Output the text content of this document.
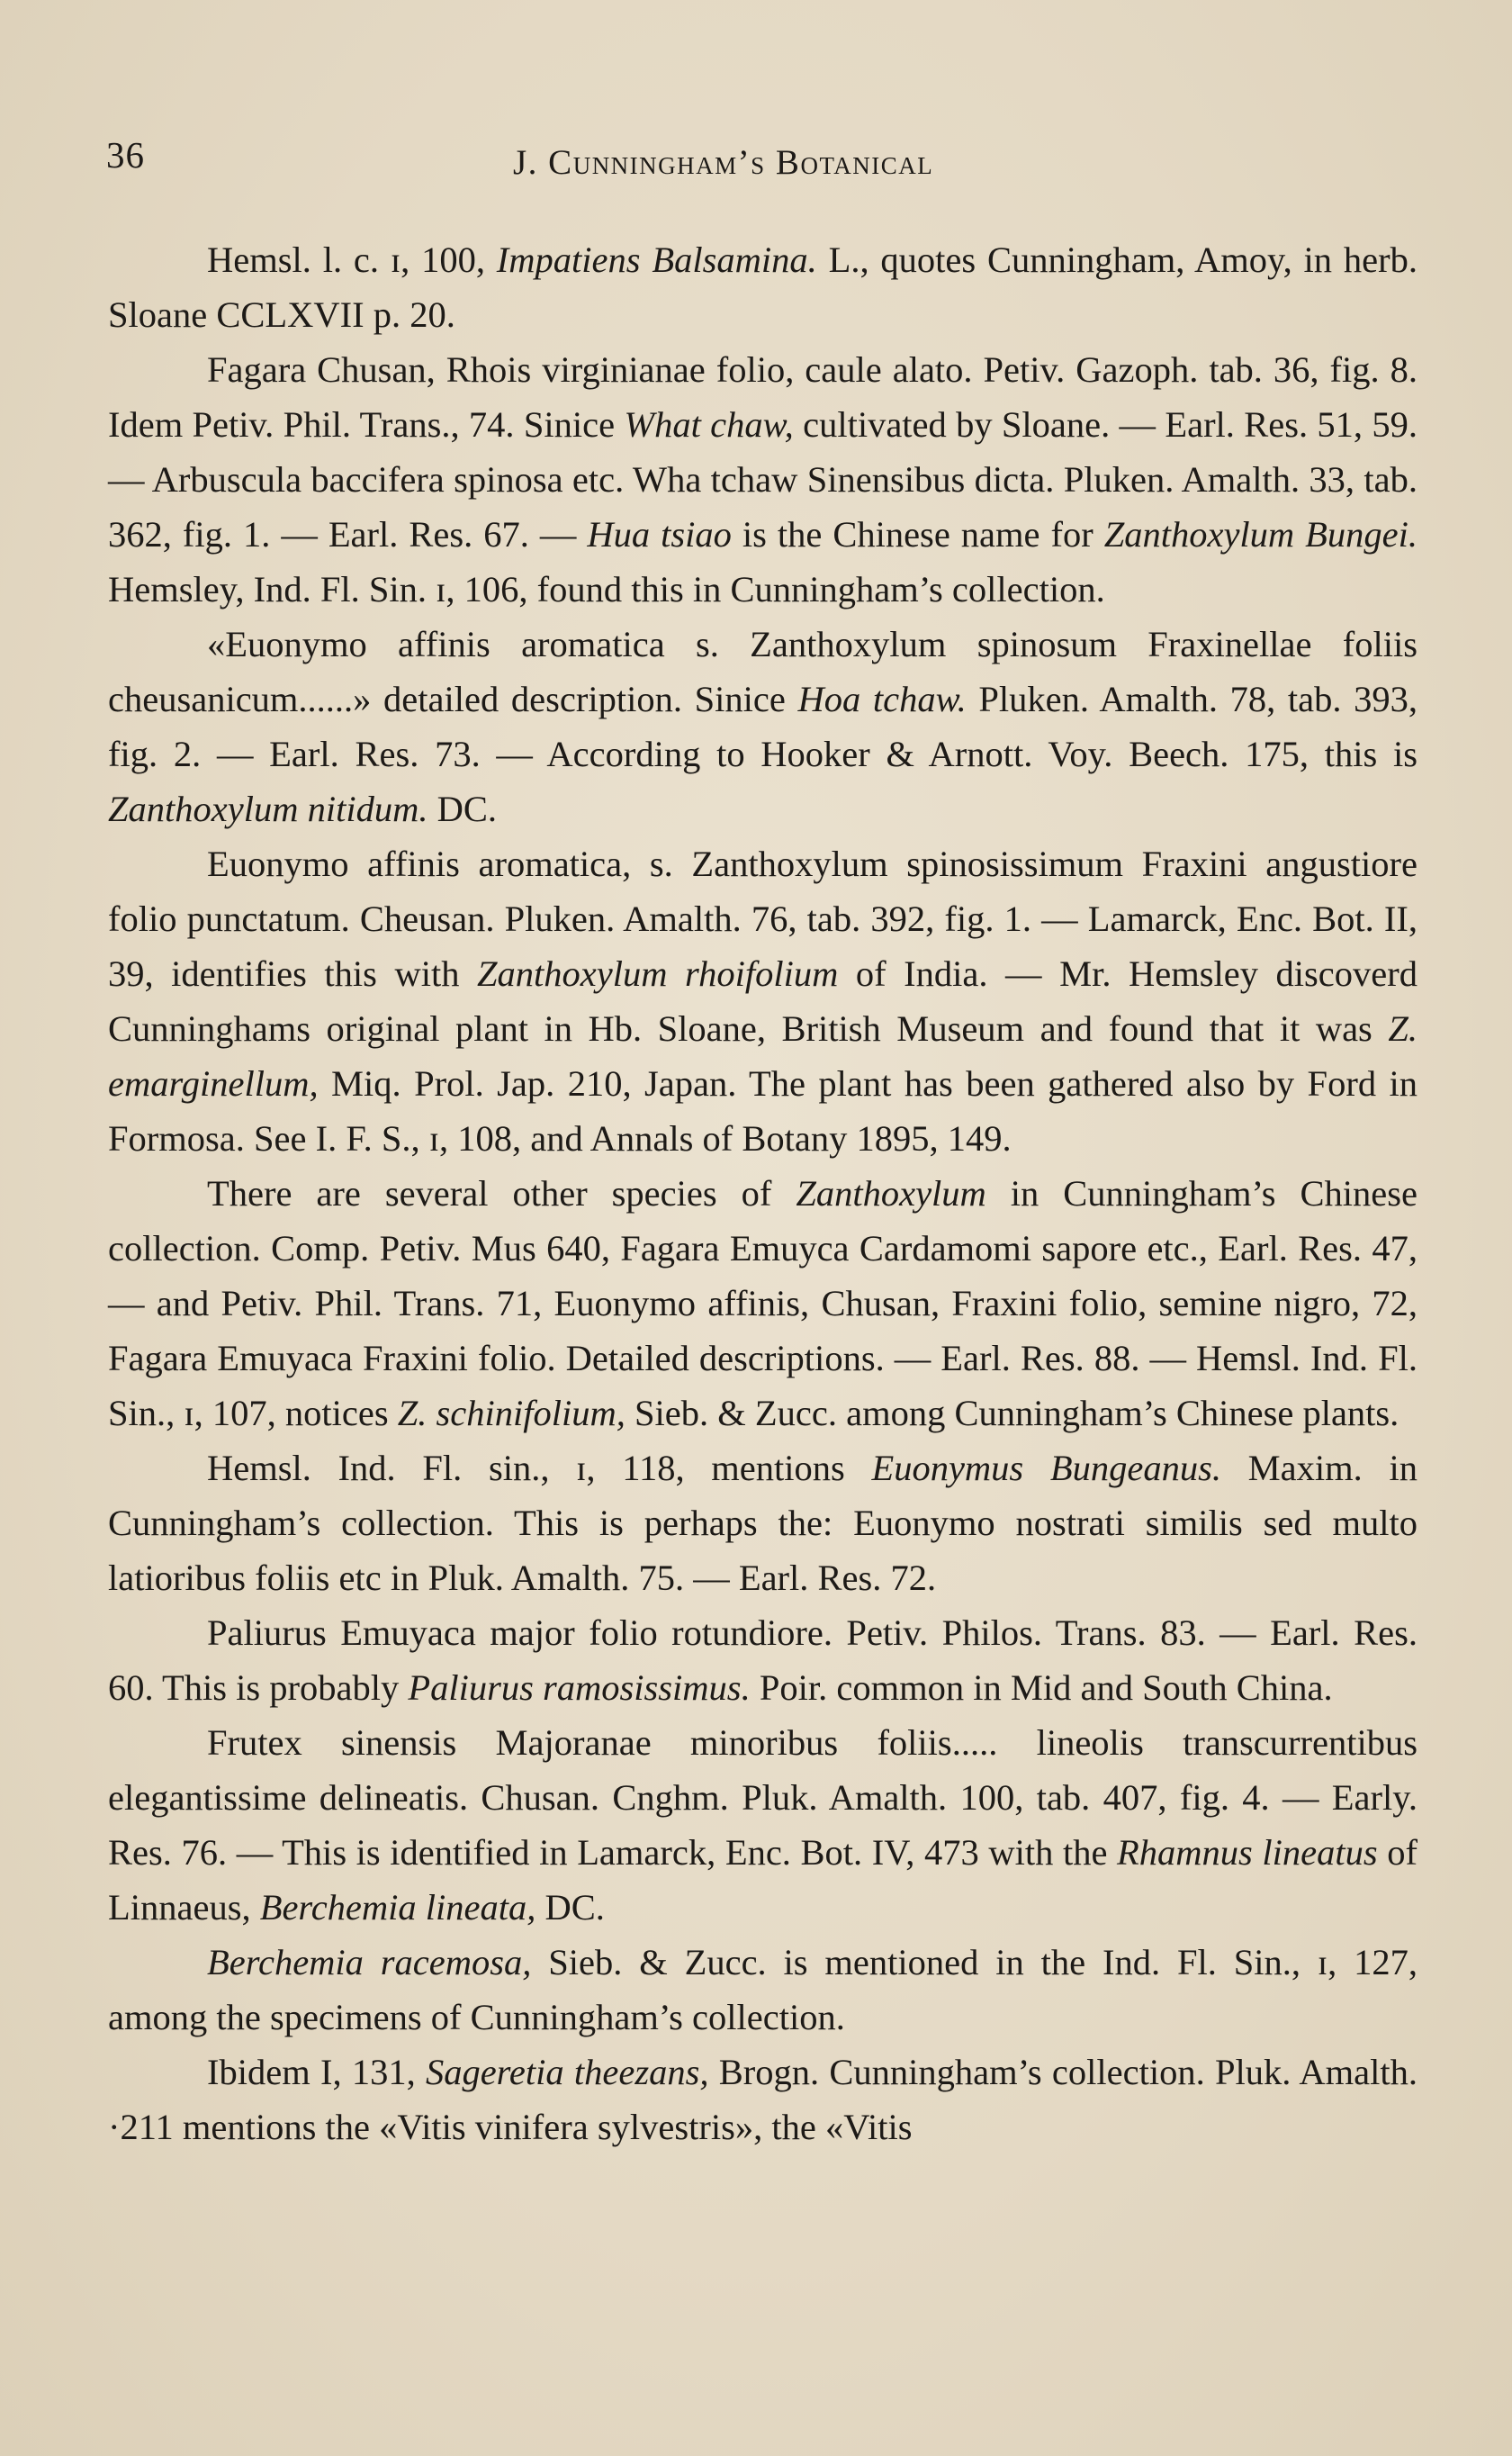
36	J. Cunningham’s Botanical

Hemsl. l. c. ɪ, 100, Impatiens Balsamina. L., quotes Cunningham, Amoy, in herb. Sloane CCLXVII p. 20.

Fagara Chusan, Rhois virginianae folio, caule alato. Petiv. Gazoph. tab. 36, fig. 8. Idem Petiv. Phil. Trans., 74. Sinice What chaw, cultivated by Sloane. — Earl. Res. 51, 59. — Arbuscula baccifera spinosa etc. Wha tchaw Sinensibus dicta. Pluken. Amalth. 33, tab. 362, fig. 1. — Earl. Res. 67. — Hua tsiao is the Chinese name for Zanthoxylum Bungei. Hemsley, Ind. Fl. Sin. ɪ, 106, found this in Cunningham’s collection.

«Euonymo affinis aromatica s. Zanthoxylum spinosum Fraxinellae foliis cheusanicum......» detailed description. Sinice Hoa tchaw. Pluken. Amalth. 78, tab. 393, fig. 2. — Earl. Res. 73. — According to Hooker & Arnott. Voy. Beech. 175, this is Zanthoxylum nitidum. DC.

Euonymo affinis aromatica, s. Zanthoxylum spinosissimum Fraxini angustiore folio punctatum. Cheusan. Pluken. Amalth. 76, tab. 392, fig. 1. — Lamarck, Enc. Bot. II, 39, identifies this with Zanthoxylum rhoifolium of India. — Mr. Hemsley discoverd Cunninghams original plant in Hb. Sloane, British Museum and found that it was Z. emarginellum, Miq. Prol. Jap. 210, Japan. The plant has been gathered also by Ford in Formosa. See I. F. S., ɪ, 108, and Annals of Botany 1895, 149.

There are several other species of Zanthoxylum in Cunningham’s Chinese collection. Comp. Petiv. Mus 640, Fagara Emuyca Cardamomi sapore etc., Earl. Res. 47, — and Petiv. Phil. Trans. 71, Euonymo affinis, Chusan, Fraxini folio, semine nigro, 72, Fagara Emuyaca Fraxini folio. Detailed descriptions. — Earl. Res. 88. — Hemsl. Ind. Fl. Sin., ɪ, 107, notices Z. schinifolium, Sieb. & Zucc. among Cunningham’s Chinese plants.

Hemsl. Ind. Fl. sin., ɪ, 118, mentions Euonymus Bungeanus. Maxim. in Cunningham’s collection. This is perhaps the: Euonymo nostrati similis sed multo latioribus foliis etc in Pluk. Amalth. 75. — Earl. Res. 72.

Paliurus Emuyaca major folio rotundiore. Petiv. Philos. Trans. 83. — Earl. Res. 60. This is probably Paliurus ramosissimus. Poir. common in Mid and South China.

Frutex sinensis Majoranae minoribus foliis..... lineolis transcurrentibus elegantissime delineatis. Chusan. Cnghm. Pluk. Amalth. 100, tab. 407, fig. 4. — Early. Res. 76. — This is identified in Lamarck, Enc. Bot. IV, 473 with the Rhamnus lineatus of Linnaeus, Berchemia lineata, DC.

Berchemia racemosa, Sieb. & Zucc. is mentioned in the Ind. Fl. Sin., ɪ, 127, among the specimens of Cunningham’s collection.

Ibidem I, 131, Sageretia theezans, Brogn. Cunningham’s collection. Pluk. Amalth. ·211 mentions the «Vitis vinifera sylvestris», the «Vitis
